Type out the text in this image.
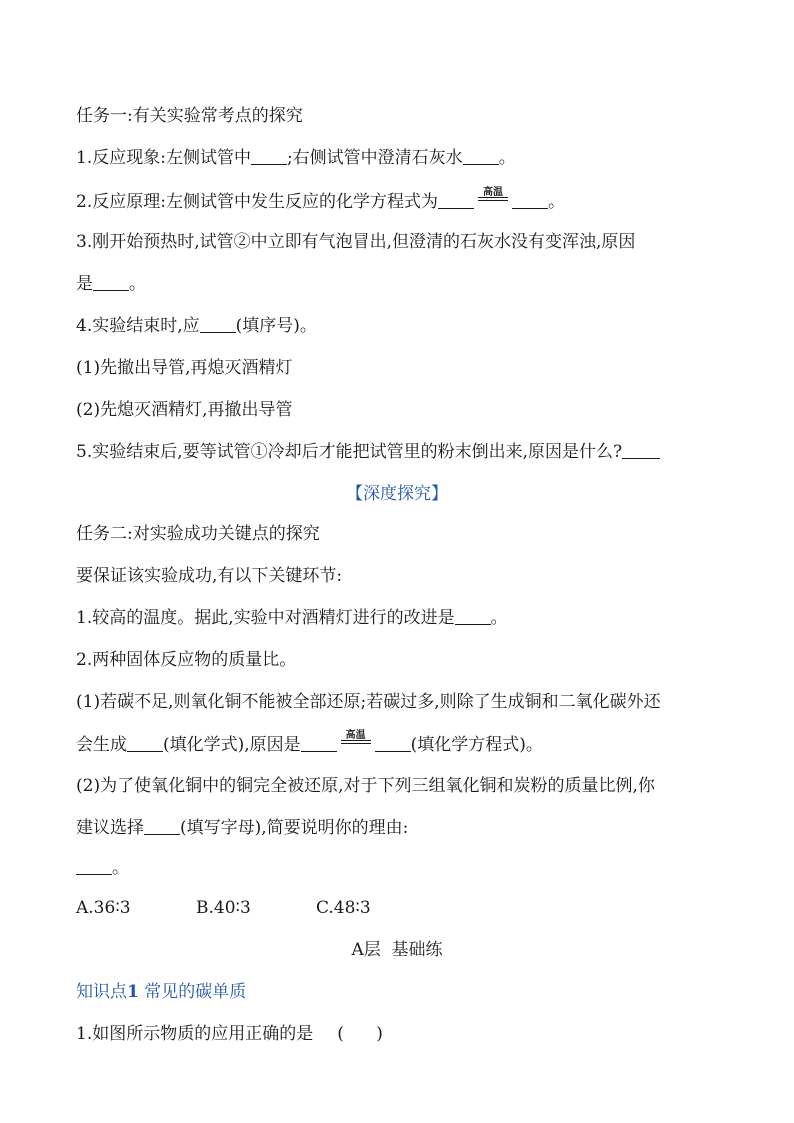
任务一:有关实验常考点的探究
1.反应现象:左侧试管中 ;右侧试管中澄清石灰水 。
2.反应原理:左侧试管中发生反应的化学方程式为	高温	。
3.刚开始预热时,试管②中立即有气泡冒出,但澄清的石灰水没有变浑浊,原因
是 。
4.实验结束时,应 (填序号)。
(1)先撤出导管,再熄灭酒精灯
(2)先熄灭酒精灯,再撤出导管
5.实验结束后,要等试管①冷却后才能把试管里的粉末倒出来,原因是什么?
【深度探究】
任务二:对实验成功关键点的探究
要保证该实验成功,有以下关键环节:
1.较高的温度。据此,实验中对酒精灯进行的改进是 。
2.两种固体反应物的质量比。
(1)若碳不足,则氧化铜不能被全部还原;若碳过多,则除了生成铜和二氧化碳外还
会生成 (填化学式),原因是	高温	(填化学方程式)。
(2)为了使氧化铜中的铜完全被还原,对于下列三组氧化铜和炭粉的质量比例,你
建议选择 (填写字母),简要说明你的理由:
。
A.36∶3	B.40∶3	C.48∶3
A层  基础练
知识点1 常见的碳单质
1.如图所示物质的应用正确的是 (      )
